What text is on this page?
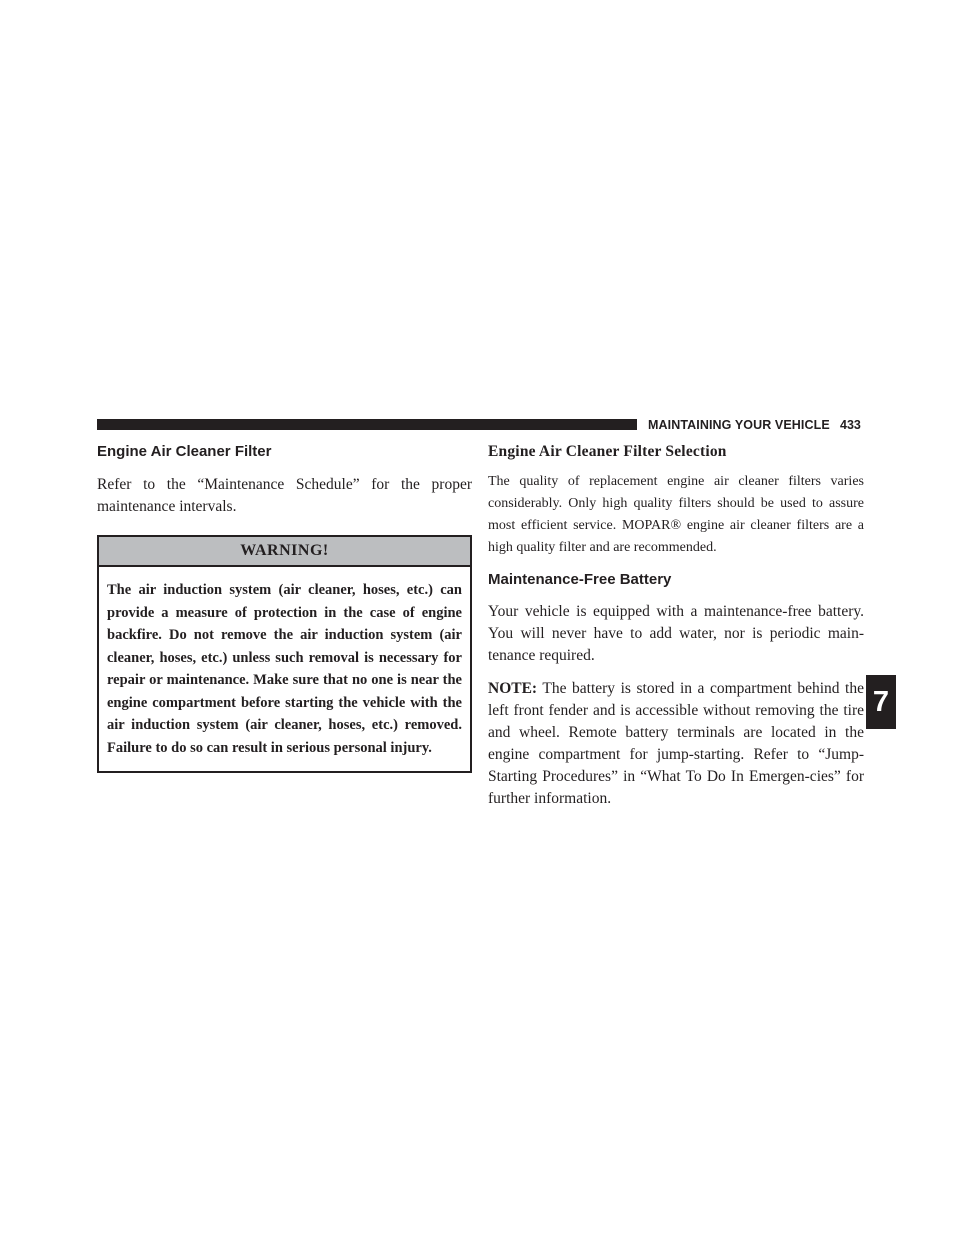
MAINTAINING YOUR VEHICLE 433
Engine Air Cleaner Filter

Refer to the “Maintenance Schedule” for the proper maintenance intervals.

WARNING!
The air induction system (air cleaner, hoses, etc.) can provide a measure of protection in the case of engine backfire. Do not remove the air induction system (air cleaner, hoses, etc.) unless such removal is necessary for repair or maintenance. Make sure that no one is near the engine compartment before starting the vehicle with the air induction system (air cleaner, hoses, etc.) removed. Failure to do so can result in serious personal injury.
Engine Air Cleaner Filter Selection

The quality of replacement engine air cleaner filters varies considerably. Only high quality filters should be used to assure most efficient service. MOPAR® engine air cleaner filters are a high quality filter and are recommended.

Maintenance-Free Battery

Your vehicle is equipped with a maintenance-free battery. You will never have to add water, nor is periodic main-tenance required.

NOTE: The battery is stored in a compartment behind the left front fender and is accessible without removing the tire and wheel. Remote battery terminals are located in the engine compartment for jump-starting. Refer to “Jump-Starting Procedures” in “What To Do In Emergen-cies” for further information.

7
